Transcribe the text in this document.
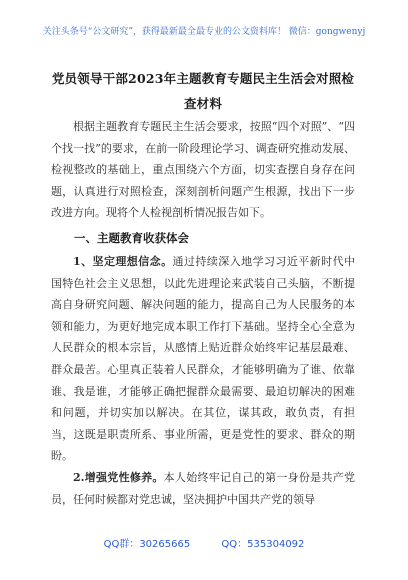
关注头条号“公文研究”，获得最新最全最专业的公文资料库！ 微信：gongwenyj
党员领导干部2023年主题教育专题民主生活会对照检查材料

根据主题教育专题民主生活会要求，按照“四个对照”、“四个找一找”的要求，在前一阶段理论学习、调查研究推动发展、检视整改的基础上，重点围绕六个方面，切实查摆自身存在问题，认真进行对照检查，深刻剖析问题产生根源，找出下一步改进方向。现将个人检视剖析情况报告如下。

一、主题教育收获体会

1、坚定理想信念。通过持续深入地学习习近平新时代中国特色社会主义思想，以此先进理论来武装自己头脑，不断提高自身研究问题、解决问题的能力，提高自己为人民服务的本领和能力，为更好地完成本职工作打下基础。坚持全心全意为人民群众的根本宗旨，从感情上贴近群众始终牢记基层最难、群众最苦。心里真正装着人民群众，才能够明确为了谁、依靠谁、我是谁，才能够正确把握群众最需要、最迫切解决的困难和问题，并切实加以解决。在其位，谋其政，敢负责，有担当，这既是职责所系、事业所需，更是党性的要求、群众的期盼。

2.增强党性修养。本人始终牢记自己的第一身份是共产党员，任何时候都对党忠诚，坚决拥护中国共产党的领导

QQ群：30265665	QQ：535304092
